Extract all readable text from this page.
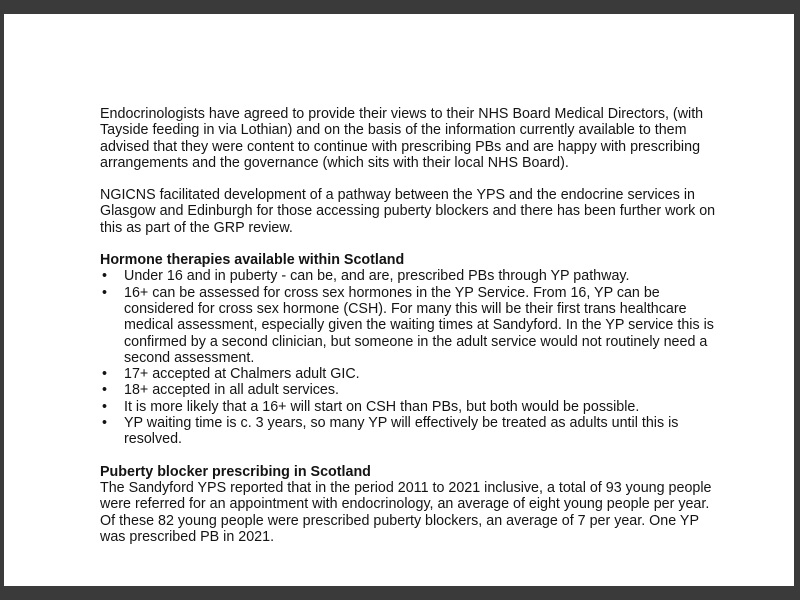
Endocrinologists have agreed to provide their views to their NHS Board Medical Directors, (with Tayside feeding in via Lothian) and on the basis of the information currently available to them advised that they were content to continue with prescribing PBs and are happy with prescribing arrangements and the governance (which sits with their local NHS Board).

NGICNS facilitated development of a pathway between the YPS and the endocrine services in Glasgow and Edinburgh for those accessing puberty blockers and there has been further work on this as part of the GRP review.

Hormone therapies available within Scotland
• Under 16 and in puberty - can be, and are, prescribed PBs through YP pathway.
• 16+ can be assessed for cross sex hormones in the YP Service. From 16, YP can be considered for cross sex hormone (CSH). For many this will be their first trans healthcare medical assessment, especially given the waiting times at Sandyford. In the YP service this is confirmed by a second clinician, but someone in the adult service would not routinely need a second assessment.
• 17+ accepted at Chalmers adult GIC.
• 18+ accepted in all adult services.
• It is more likely that a 16+ will start on CSH than PBs, but both would be possible.
• YP waiting time is c. 3 years, so many YP will effectively be treated as adults until this is resolved.
Puberty blocker prescribing in Scotland

The Sandyford YPS reported that in the period 2011 to 2021 inclusive, a total of 93 young people were referred for an appointment with endocrinology, an average of eight young people per year. Of these 82 young people were prescribed puberty blockers, an average of 7 per year. One YP was prescribed PB in 2021.
